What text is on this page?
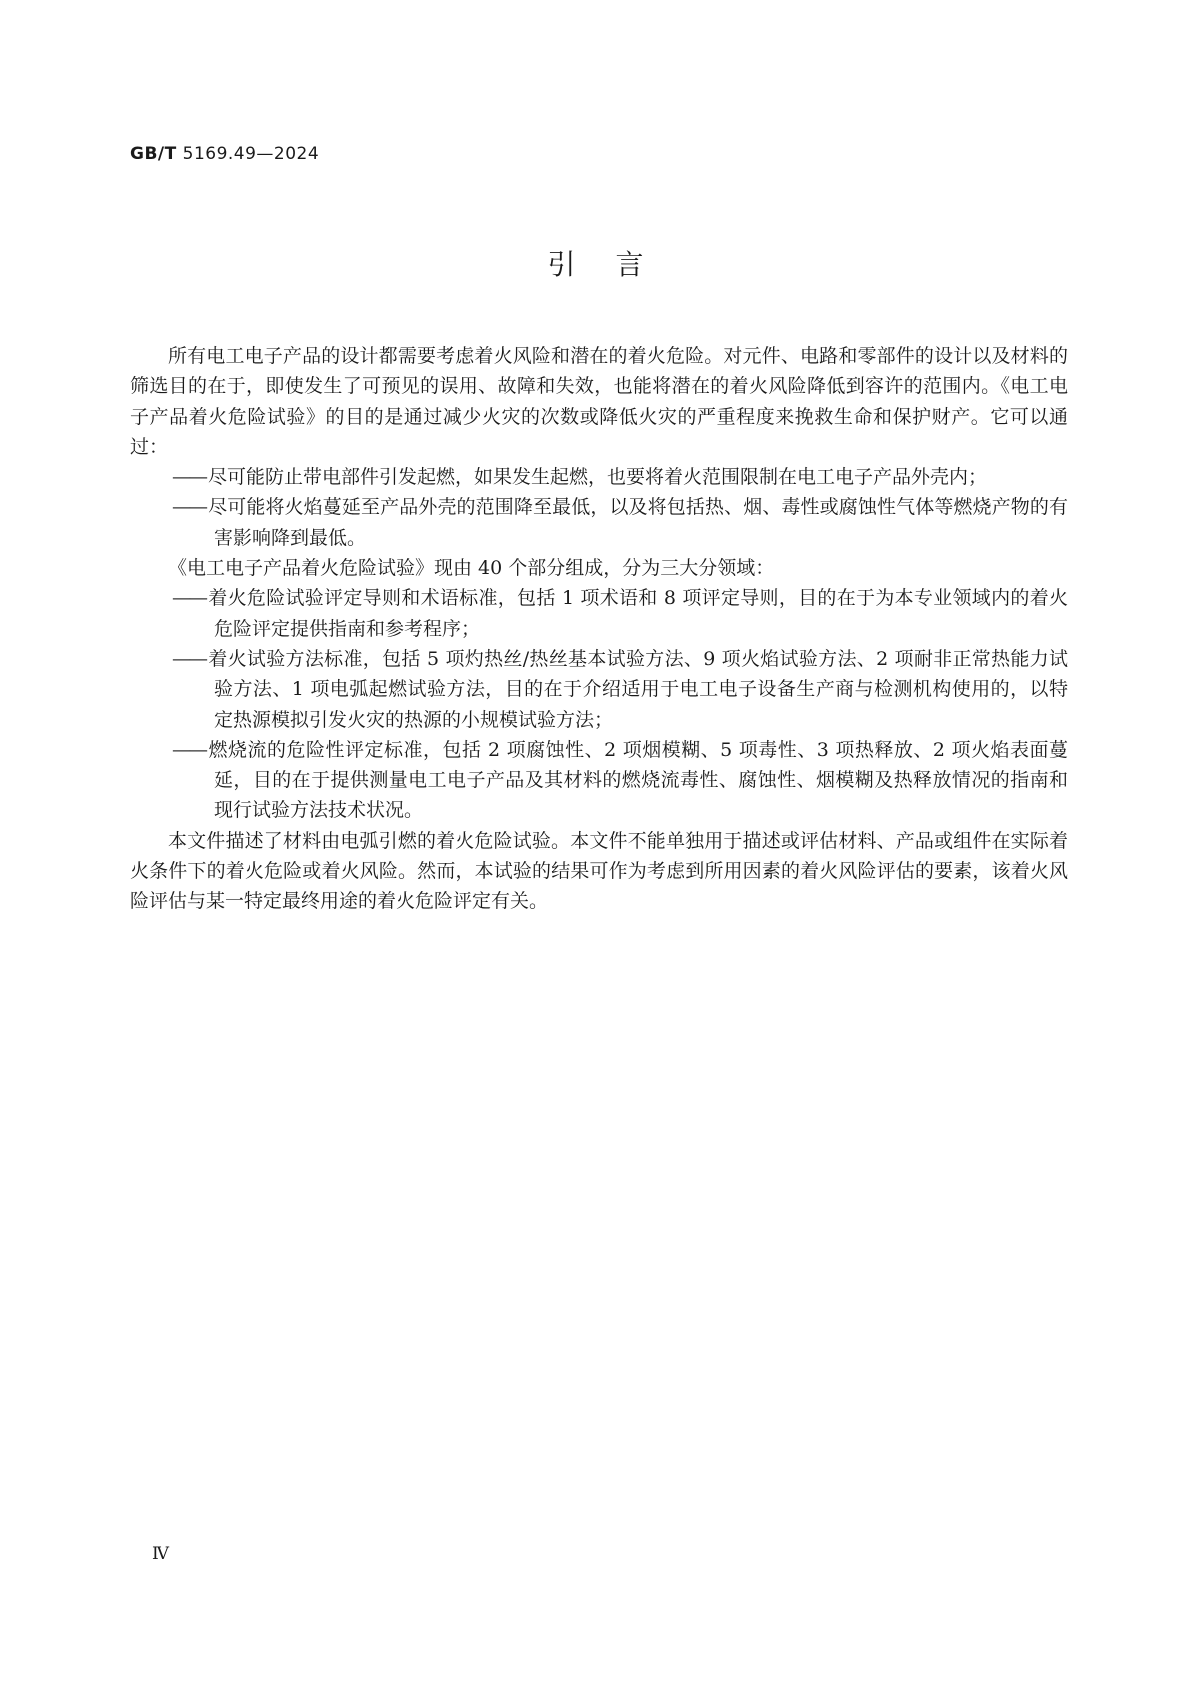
GB/T 5169.49—2024
引言

所有电工电子产品的设计都需要考虑着火风险和潜在的着火危险。对元件、电路和零部件的设计以及材料的筛选目的在于，即使发生了可预见的误用、故障和失效，也能将潜在的着火风险降低到容许的范围内。《电工电子产品着火危险试验》的目的是通过减少火灾的次数或降低火灾的严重程度来挽救生命和保护财产。它可以通过：

—— 尽可能防止带电部件引发起燃，如果发生起燃，也要将着火范围限制在电工电子产品外壳内；

—— 尽可能将火焰蔓延至产品外壳的范围降至最低，以及将包括热、烟、毒性或腐蚀性气体等燃烧产物的有害影响降到最低。

《电工电子产品着火危险试验》现由 40 个部分组成，分为三大分领域：

—— 着火危险试验评定导则和术语标准，包括 1 项术语和 8 项评定导则，目的在于为本专业领域内的着火危险评定提供指南和参考程序；

—— 着火试验方法标准，包括 5 项灼热丝/热丝基本试验方法、9 项火焰试验方法、2 项耐非正常热能力试验方法、1 项电弧起燃试验方法，目的在于介绍适用于电工电子设备生产商与检测机构使用的，以特定热源模拟引发火灾的热源的小规模试验方法；

—— 燃烧流的危险性评定标准，包括 2 项腐蚀性、2 项烟模糊、5 项毒性、3 项热释放、2 项火焰表面蔓延，目的在于提供测量电工电子产品及其材料的燃烧流毒性、腐蚀性、烟模糊及热释放情况的指南和现行试验方法技术状况。

本文件描述了材料由电弧引燃的着火危险试验。本文件不能单独用于描述或评估材料、产品或组件在实际着火条件下的着火危险或着火风险。然而，本试验的结果可作为考虑到所用因素的着火风险评估的要素，该着火风险评估与某一特定最终用途的着火危险评定有关。

Ⅳ
